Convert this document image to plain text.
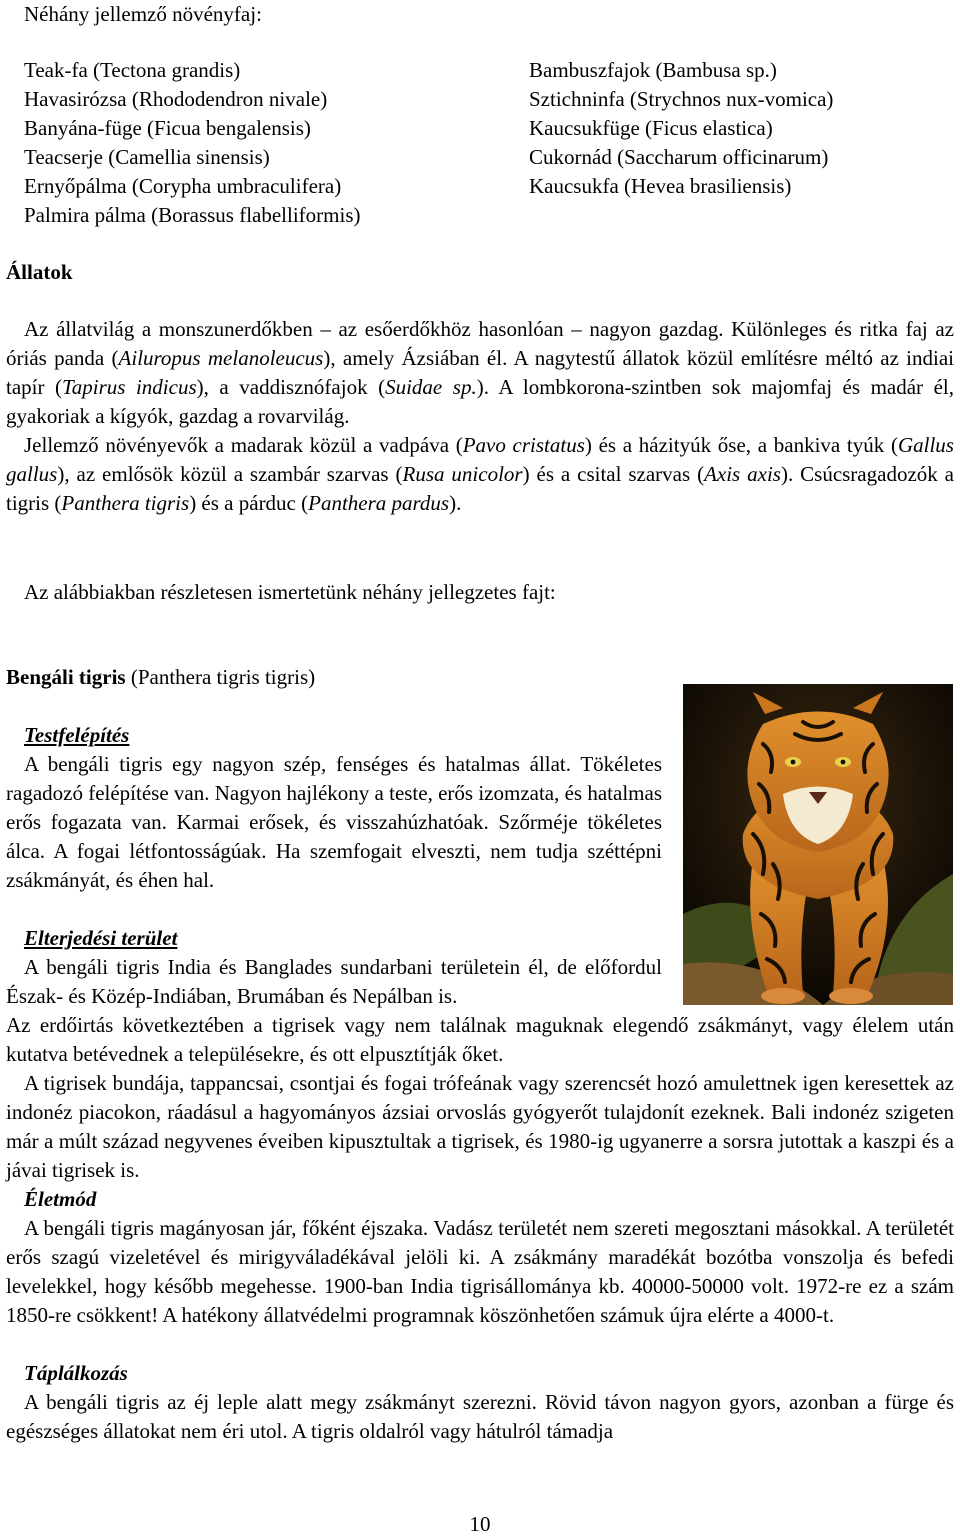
Néhány jellemző növényfaj:

Teak-fa (Tectona grandis)
Havasirózsa (Rhododendron nivale)
Banyána-füge (Ficua bengalensis)
Teacserje (Camellia sinensis)
Ernyőpálma (Corypha umbraculifera)
Palmira pálma (Borassus flabelliformis)
Bambuszfajok (Bambusa sp.)
Sztichninfa (Strychnos nux-vomica)
Kaucsukfüge (Ficus elastica)
Cukornád (Saccharum officinarum)
Kaucsukfa (Hevea brasiliensis)
Állatok

Az állatvilág a monszunerdőkben – az esőerdőkhöz hasonlóan – nagyon gazdag. Különleges és ritka faj az óriás panda (Ailuropus melanoleucus), amely Ázsiában él. A nagytestű állatok közül említésre méltó az indiai tapír (Tapirus indicus), a vaddisznófajok (Suidae sp.). A lombkorona-szintben sok majomfaj és madár él, gyakoriak a kígyók, gazdag a rovarvilág.
Jellemző növényevők a madarak közül a vadpáva (Pavo cristatus) és a házityúk őse, a bankiva tyúk (Gallus gallus), az emlősök közül a szambár szarvas (Rusa unicolor) és a csital szarvas (Axis axis). Csúcsragadozók a tigris (Panthera tigris) és a párduc (Panthera pardus).

Az alábbiakban részletesen ismertetünk néhány jellegzetes fajt:

Bengáli tigris (Panthera tigris tigris)

Testfelépítés
A bengáli tigris egy nagyon szép, fenséges és hatalmas állat. Tökéletes ragadozó felépítése van. Nagyon hajlékony a teste, erős izomzata, és hatalmas erős fogazata van. Karmai erősek, és visszahúzhatóak. Szőrméje tökéletes álca. A fogai létfontosságúak. Ha szemfogait elveszti, nem tudja széttépni zsákmányát, és éhen hal.

Elterjedési terület
A bengáli tigris India és Banglades sundarbani területein él, de előfordul Észak- és Közép-Indiában, Brumában és Nepálban is.

Az erdőirtás következtében a tigrisek vagy nem találnak maguknak elegendő zsákmányt, vagy élelem után kutatva betévednek a településekre, és ott elpusztítják őket.
A tigrisek bundája, tappancsai, csontjai és fogai trófeának vagy szerencsét hozó amulettnek igen keresettek az indonéz piacokon, ráadásul a hagyományos ázsiai orvoslás gyógyerőt tulajdonít ezeknek. Bali indonéz szigeten már a múlt század negyvenes éveiben kipusztultak a tigrisek, és 1980-ig ugyanerre a sorsra jutottak a kaszpi és a jávai tigrisek is.

Életmód
A bengáli tigris magányosan jár, főként éjszaka. Vadász területét nem szereti megosztani másokkal. A területét erős szagú vizeletével és mirigyváladékával jelöli ki. A zsákmány maradékát bozótba vonszolja és befedi levelekkel, hogy később megehesse. 1900-ban India tigrisállománya kb. 40000-50000 volt. 1972-re ez a szám 1850-re csökkent! A hatékony állatvédelmi programnak köszönhetően számuk újra elérte a 4000-t.

Táplálkozás
A bengáli tigris az éj leple alatt megy zsákmányt szerezni. Rövid távon nagyon gyors, azonban a fürge és egészséges állatokat nem éri utol. A tigris oldalról vagy hátulról támadja

10
